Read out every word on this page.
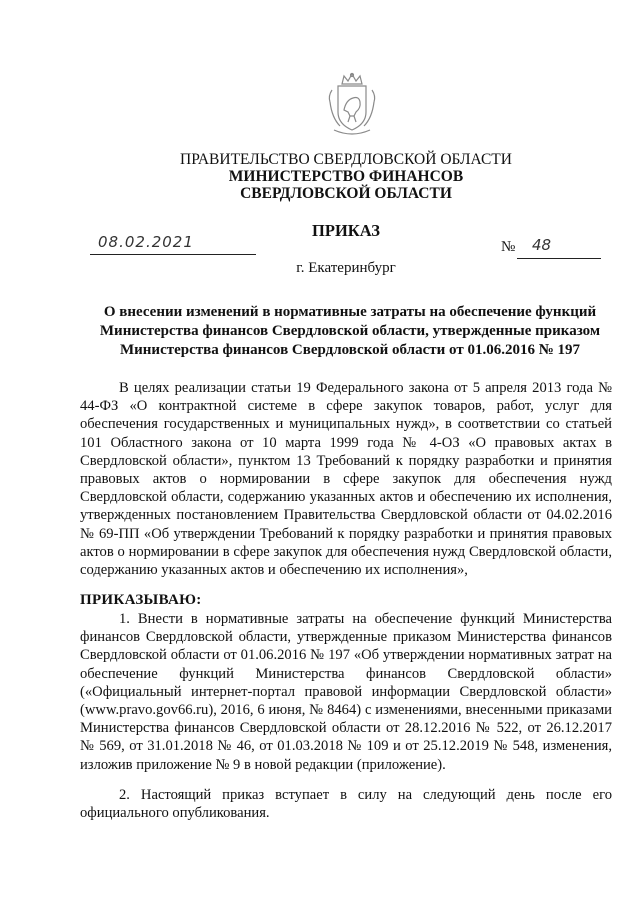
ПРАВИТЕЛЬСТВО СВЕРДЛОВСКОЙ ОБЛАСТИ
МИНИСТЕРСТВО ФИНАНСОВ
СВЕРДЛОВСКОЙ ОБЛАСТИ
ПРИКАЗ
08.02.2021	№ 48
г. Екатеринбург
О внесении изменений в нормативные затраты на обеспечение функций
Министерства финансов Свердловской области, утвержденные приказом
Министерства финансов Свердловской области от 01.06.2016 № 197
В целях реализации статьи 19 Федерального закона от 5 апреля 2013 года № 44-ФЗ «О контрактной системе в сфере закупок товаров, работ, услуг для обеспечения государственных и муниципальных нужд», в соответствии со статьей 101 Областного закона от 10 марта 1999 года № 4-ОЗ «О правовых актах в Свердловской области», пунктом 13 Требований к порядку разработки и принятия правовых актов о нормировании в сфере закупок для обеспечения нужд Свердловской области, содержанию указанных актов и обеспечению их исполнения, утвержденных постановлением Правительства Свердловской области от 04.02.2016 № 69-ПП «Об утверждении Требований к порядку разработки и принятия правовых актов о нормировании в сфере закупок для обеспечения нужд Свердловской области, содержанию указанных актов и обеспечению их исполнения»,
ПРИКАЗЫВАЮ:
1. Внести в нормативные затраты на обеспечение функций Министерства финансов Свердловской области, утвержденные приказом Министерства финансов Свердловской области от 01.06.2016 № 197 «Об утверждении нормативных затрат на обеспечение функций Министерства финансов Свердловской области» («Официальный интернет-портал правовой информации Свердловской области» (www.pravo.gov66.ru), 2016, 6 июня, № 8464) с изменениями, внесенными приказами Министерства финансов Свердловской области от 28.12.2016 № 522, от 26.12.2017 № 569, от 31.01.2018 № 46, от 01.03.2018 № 109 и от 25.12.2019 № 548, изменения, изложив приложение № 9 в новой редакции (приложение).
2. Настоящий приказ вступает в силу на следующий день после его официального опубликования.
